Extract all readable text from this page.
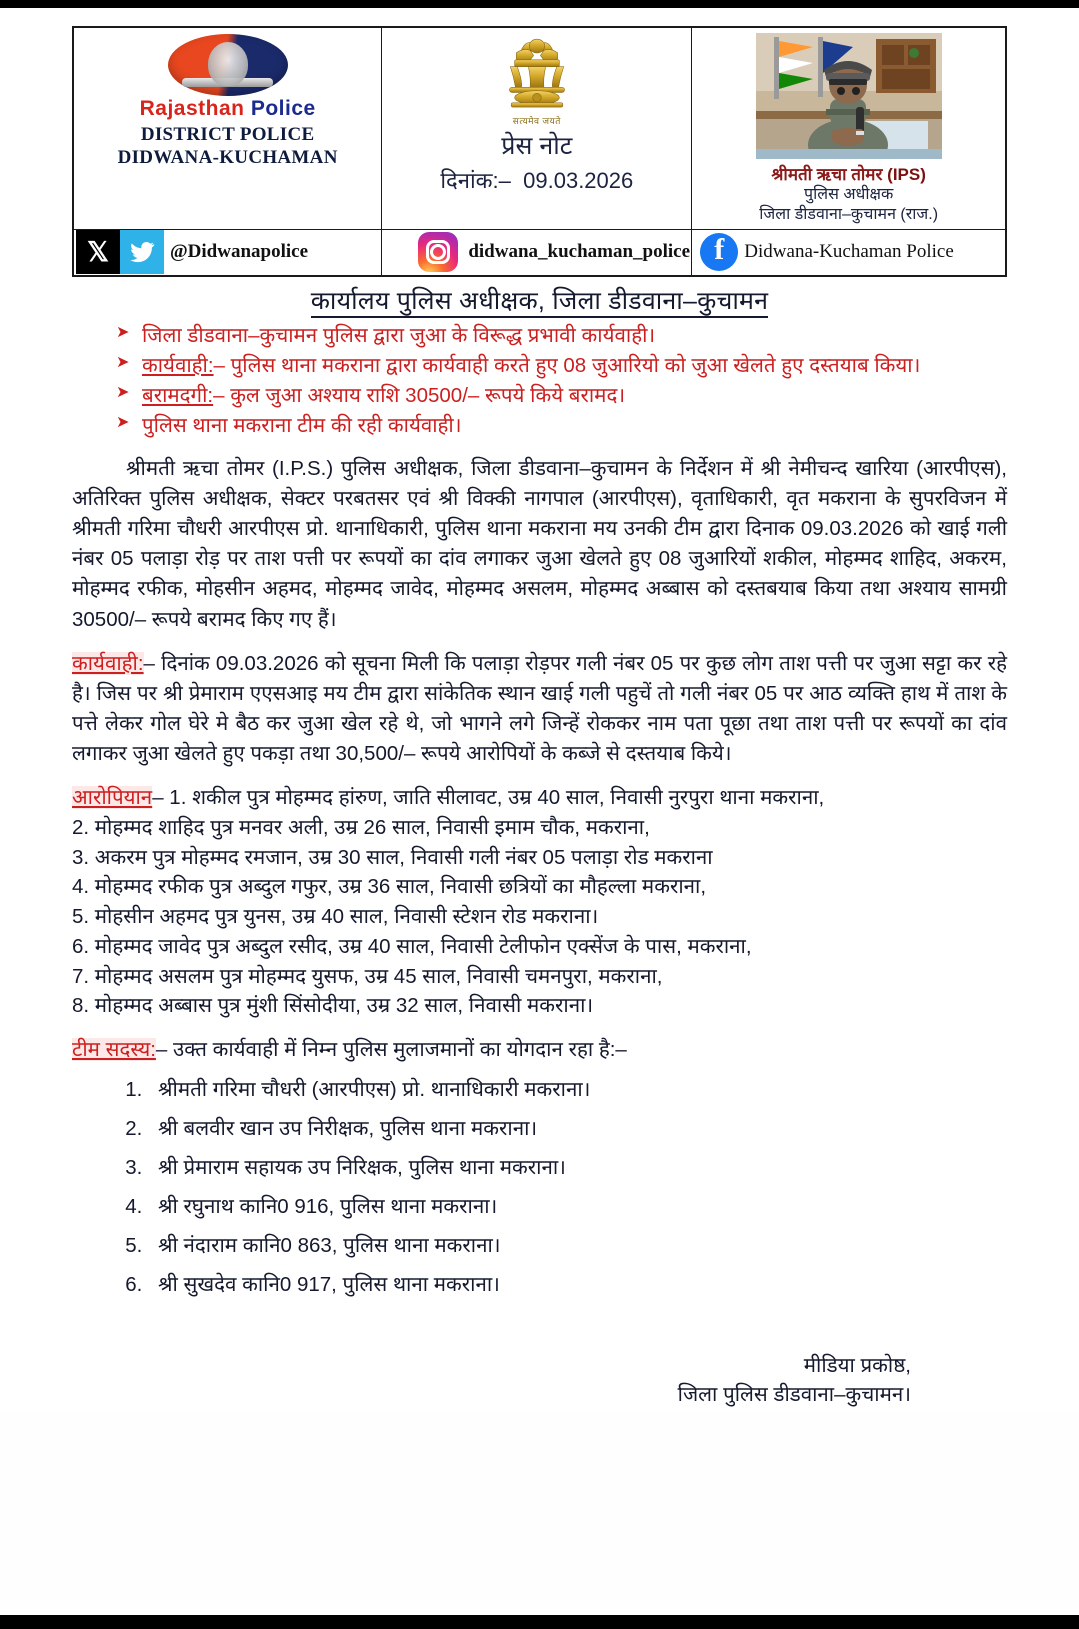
Rajasthan Police
DISTRICT POLICE
DIDWANA-KUCHAMAN

सत्यमेव जयते
प्रेस नोट
दिनांक:– 09.03.2026	श्रीमती ऋचा तोमर (IPS)
पुलिस अधीक्षक
जिला डीडवाना–कुचामन (राज.)

𝕏	@Didwanapolice	didwana_kuchaman_police	f	Didwana-Kuchaman Police
कार्यालय पुलिस अधीक्षक, जिला डीडवाना–कुचामन
➤ जिला डीडवाना–कुचामन पुलिस द्वारा जुआ के विरूद्ध प्रभावी कार्यवाही।
➤ कार्यवाही:– पुलिस थाना मकराना द्वारा कार्यवाही करते हुए 08 जुआरियो को जुआ खेलते हुए दस्तयाब किया।
➤ बरामदगी:– कुल जुआ अश्याय राशि 30500/– रूपये किये बरामद।
➤ पुलिस थाना मकराना टीम की रही कार्यवाही।

श्रीमती ऋचा तोमर (I.P.S.) पुलिस अधीक्षक, जिला डीडवाना–कुचामन के निर्देशन में श्री नेमीचन्द खारिया (आरपीएस), अतिरिक्त पुलिस अधीक्षक, सेक्टर परबतसर एवं श्री विक्की नागपाल (आरपीएस), वृताधिकारी, वृत मकराना के सुपरविजन में श्रीमती गरिमा चौधरी आरपीएस प्रो. थानाधिकारी, पुलिस थाना मकराना मय उनकी टीम द्वारा दिनाक 09.03.2026 को खाई गली नंबर 05 पलाड़ा रोड़ पर ताश पत्ती पर रूपयों का दांव लगाकर जुआ खेलते हुए 08 जुआरियों शकील, मोहम्मद शाहिद, अकरम, मोहम्मद रफीक, मोहसीन अहमद, मोहम्मद जावेद, मोहम्मद असलम, मोहम्मद अब्बास को दस्तबयाब किया तथा अश्याय सामग्री 30500/– रूपये बरामद किए गए हैं।

कार्यवाही:– दिनांक 09.03.2026 को सूचना मिली कि पलाड़ा रोड़पर गली नंबर 05 पर कुछ लोग ताश पत्ती पर जुआ सट्टा कर रहे है। जिस पर श्री प्रेमाराम एएसआइ मय टीम द्वारा सांकेतिक स्थान खाई गली पहुचें तो गली नंबर 05 पर आठ व्यक्ति हाथ में ताश के पत्ते लेकर गोल घेरे मे बैठ कर जुआ खेल रहे थे, जो भागने लगे जिन्हें रोककर नाम पता पूछा तथा ताश पत्ती पर रूपयों का दांव लगाकर जुआ खेलते हुए पकड़ा तथा 30,500/– रूपये आरोपियों के कब्जे से दस्तयाब किये।

आरोपियान– 1. शकील पुत्र मोहम्मद हांरुण, जाति सीलावट, उम्र 40 साल, निवासी नुरपुरा थाना मकराना,
2. मोहम्मद शाहिद पुत्र मनवर अली, उम्र 26 साल, निवासी इमाम चौक, मकराना,
3. अकरम पुत्र मोहम्मद रमजान, उम्र 30 साल, निवासी गली नंबर 05 पलाड़ा रोड मकराना
4. मोहम्मद रफीक पुत्र अब्दुल गफुर, उम्र 36 साल, निवासी छत्रियों का मौहल्ला मकराना,
5. मोहसीन अहमद पुत्र युनस, उम्र 40 साल, निवासी स्टेशन रोड मकराना।
6. मोहम्मद जावेद पुत्र अब्दुल रसीद, उम्र 40 साल, निवासी टेलीफोन एक्सेंज के पास, मकराना,
7. मोहम्मद असलम पुत्र मोहम्मद युसफ, उम्र 45 साल, निवासी चमनपुरा, मकराना,
8. मोहम्मद अब्बास पुत्र मुंशी सिंसोदीया, उम्र 32 साल, निवासी मकराना।

टीम सदस्य:– उक्त कार्यवाही में निम्न पुलिस मुलाजमानों का योगदान रहा है:–

1. श्रीमती गरिमा चौधरी (आरपीएस) प्रो. थानाधिकारी मकराना।
2. श्री बलवीर खान उप निरीक्षक, पुलिस थाना मकराना।
3. श्री प्रेमाराम सहायक उप निरिक्षक, पुलिस थाना मकराना।
4. श्री रघुनाथ कानि0 916, पुलिस थाना मकराना।
5. श्री नंदाराम कानि0 863, पुलिस थाना मकराना।
6. श्री सुखदेव कानि0 917, पुलिस थाना मकराना।
मीडिया प्रकोष्ठ,
जिला पुलिस डीडवाना–कुचामन।
